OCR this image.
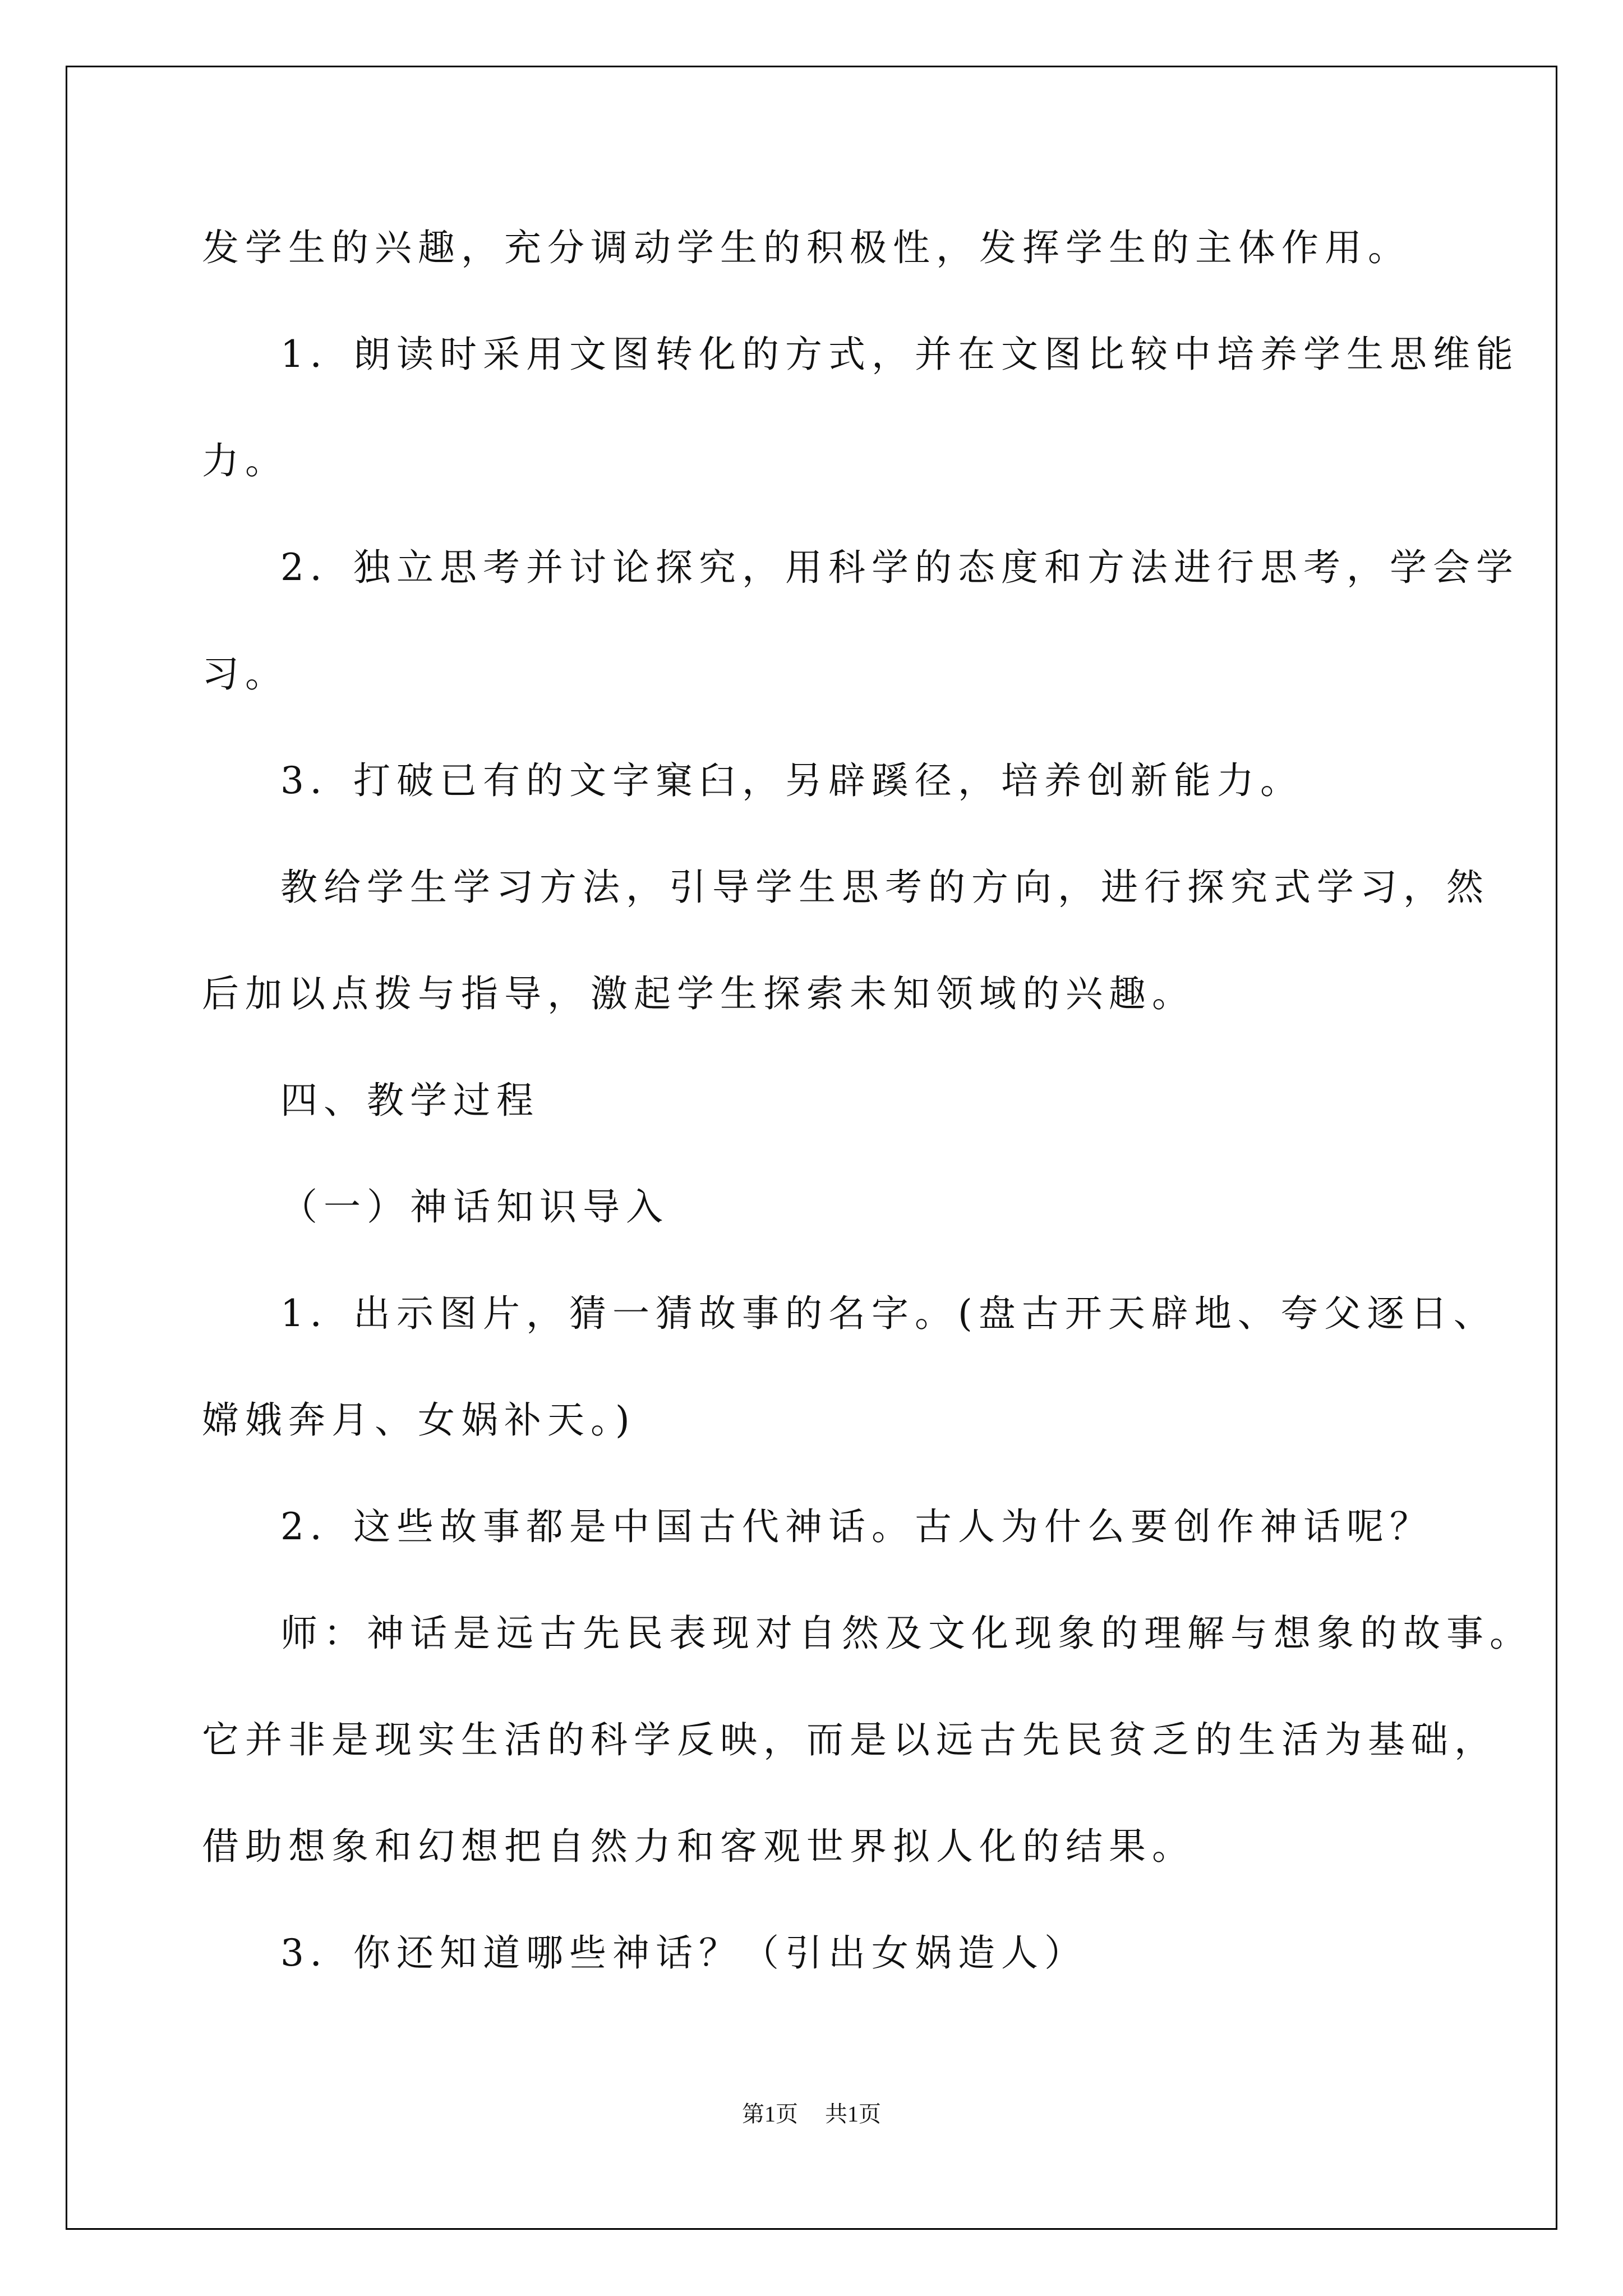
发学生的兴趣，充分调动学生的积极性，发挥学生的主体作用。

1．朗读时采用文图转化的方式，并在文图比较中培养学生思维能

力。

2．独立思考并讨论探究，用科学的态度和方法进行思考，学会学

习。

3．打破已有的文字窠臼，另辟蹊径，培养创新能力。

教给学生学习方法，引导学生思考的方向，进行探究式学习，然

后加以点拨与指导，激起学生探索未知领域的兴趣。

四、教学过程

（一）神话知识导入

1．出示图片，猜一猜故事的名字。(盘古开天辟地、夸父逐日、

嫦娥奔月、女娲补天。)

2．这些故事都是中国古代神话。古人为什么要创作神话呢？

师：神话是远古先民表现对自然及文化现象的理解与想象的故事。

它并非是现实生活的科学反映，而是以远古先民贫乏的生活为基础，

借助想象和幻想把自然力和客观世界拟人化的结果。

3．你还知道哪些神话？（引出女娲造人）

第1页 共1页
